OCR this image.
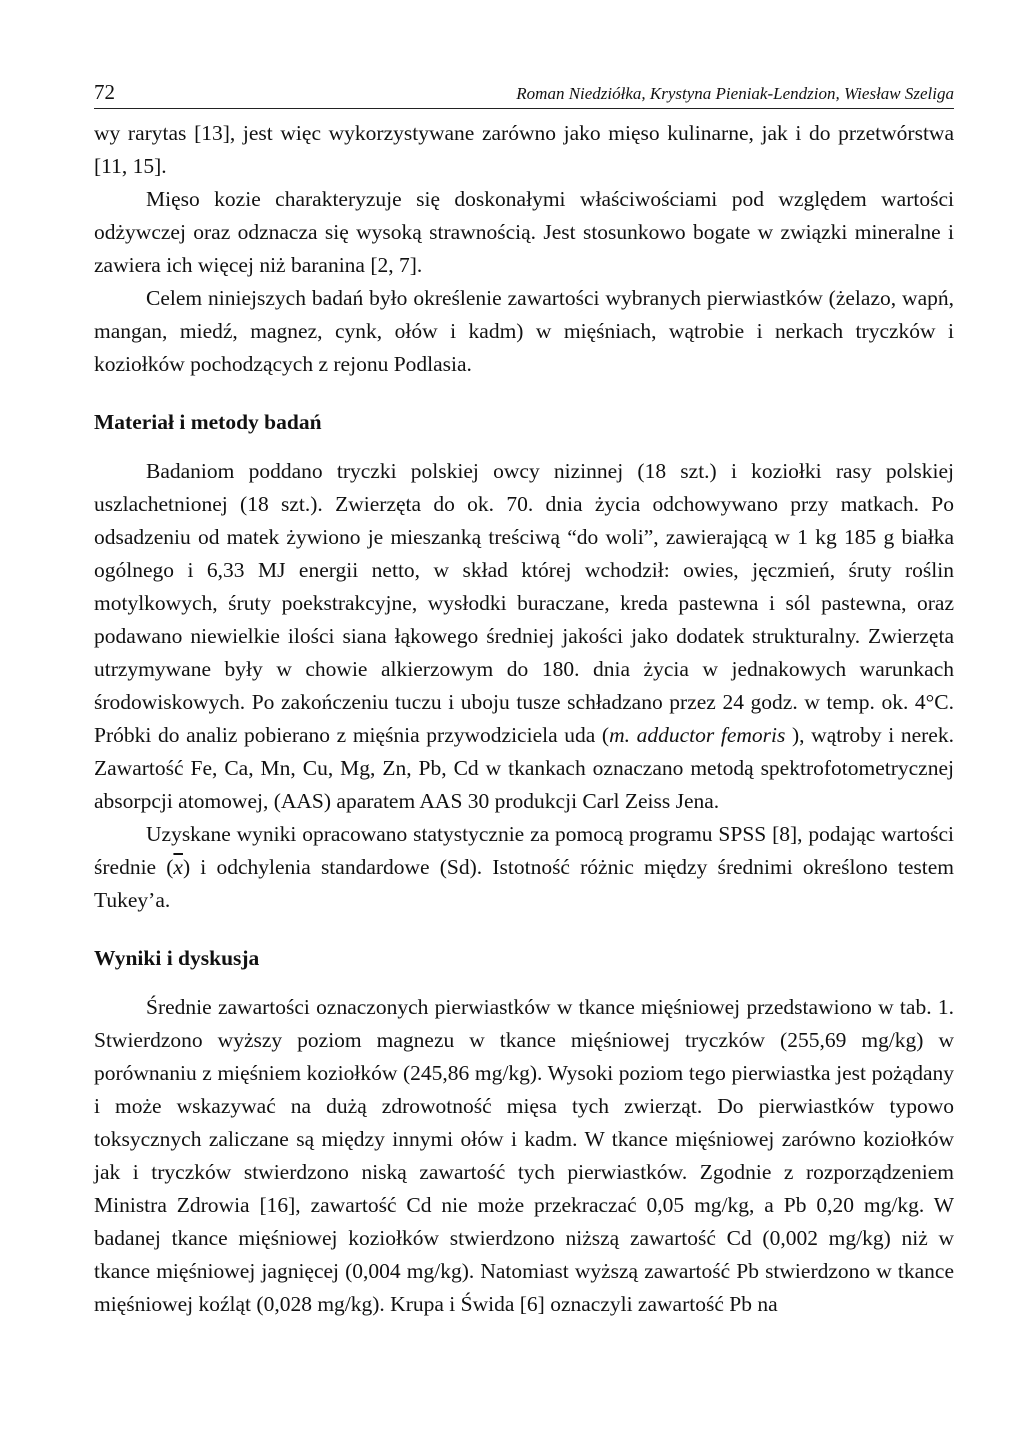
72	Roman Niedziółka, Krystyna Pieniak-Lendzion, Wiesław Szeliga

wy rarytas [13], jest więc wykorzystywane zarówno jako mięso kulinarne, jak i do przetwórstwa [11, 15].

Mięso kozie charakteryzuje się doskonałymi właściwościami pod względem wartości odżywczej oraz odznacza się wysoką strawnością. Jest stosunkowo bogate w związki mineralne i zawiera ich więcej niż baranina [2, 7].

Celem niniejszych badań było określenie zawartości wybranych pierwiastków (żelazo, wapń, mangan, miedź, magnez, cynk, ołów i kadm) w mięśniach, wątrobie i nerkach tryczków i koziołków pochodzących z rejonu Podlasia.

Materiał i metody badań

Badaniom poddano tryczki polskiej owcy nizinnej (18 szt.) i koziołki rasy polskiej uszlachetnionej (18 szt.). Zwierzęta do ok. 70. dnia życia odchowywano przy matkach. Po odsadzeniu od matek żywiono je mieszanką treściwą “do woli”, zawierającą w 1 kg 185 g białka ogólnego i 6,33 MJ energii netto, w skład której wchodził: owies, jęczmień, śruty roślin motylkowych, śruty poekstrakcyjne, wysłodki buraczane, kreda pastewna i sól pastewna, oraz podawano niewielkie ilości siana łąkowego średniej jakości jako dodatek strukturalny. Zwierzęta utrzymywane były w chowie alkierzowym do 180. dnia życia w jednakowych warunkach środowiskowych. Po zakończeniu tuczu i uboju tusze schładzano przez 24 godz. w temp. ok. 4°C. Próbki do analiz pobierano z mięśnia przywodziciela uda (m. adductor femoris ), wątroby i nerek. Zawartość Fe, Ca, Mn, Cu, Mg, Zn, Pb, Cd w tkankach oznaczano metodą spektrofotometrycznej absorpcji atomowej, (AAS) aparatem AAS 30 produkcji Carl Zeiss Jena.

Uzyskane wyniki opracowano statystycznie za pomocą programu SPSS [8], podając wartości średnie $(\overline{x})$ i odchylenia standardowe (Sd). Istotność różnic między średnimi określono testem Tukey’a.

Wyniki i dyskusja

Średnie zawartości oznaczonych pierwiastków w tkance mięśniowej przedstawiono w tab. 1. Stwierdzono wyższy poziom magnezu w tkance mięśniowej tryczków (255,69 mg/kg) w porównaniu z mięśniem koziołków (245,86 mg/kg). Wysoki poziom tego pierwiastka jest pożądany i może wskazywać na dużą zdrowotność mięsa tych zwierząt. Do pierwiastków typowo toksycznych zaliczane są między innymi ołów i kadm. W tkance mięśniowej zarówno koziołków jak i tryczków stwierdzono niską zawartość tych pierwiastków. Zgodnie z rozporządzeniem Ministra Zdrowia [16], zawartość Cd nie może przekraczać 0,05 mg/kg, a Pb 0,20 mg/kg. W badanej tkance mięśniowej koziołków stwierdzono niższą zawartość Cd (0,002 mg/kg) niż w tkance mięśniowej jagnięcej (0,004 mg/kg). Natomiast wyższą zawartość Pb stwierdzono w tkance mięśniowej koźląt (0,028 mg/kg). Krupa i Świda [6] oznaczyli zawartość Pb na
